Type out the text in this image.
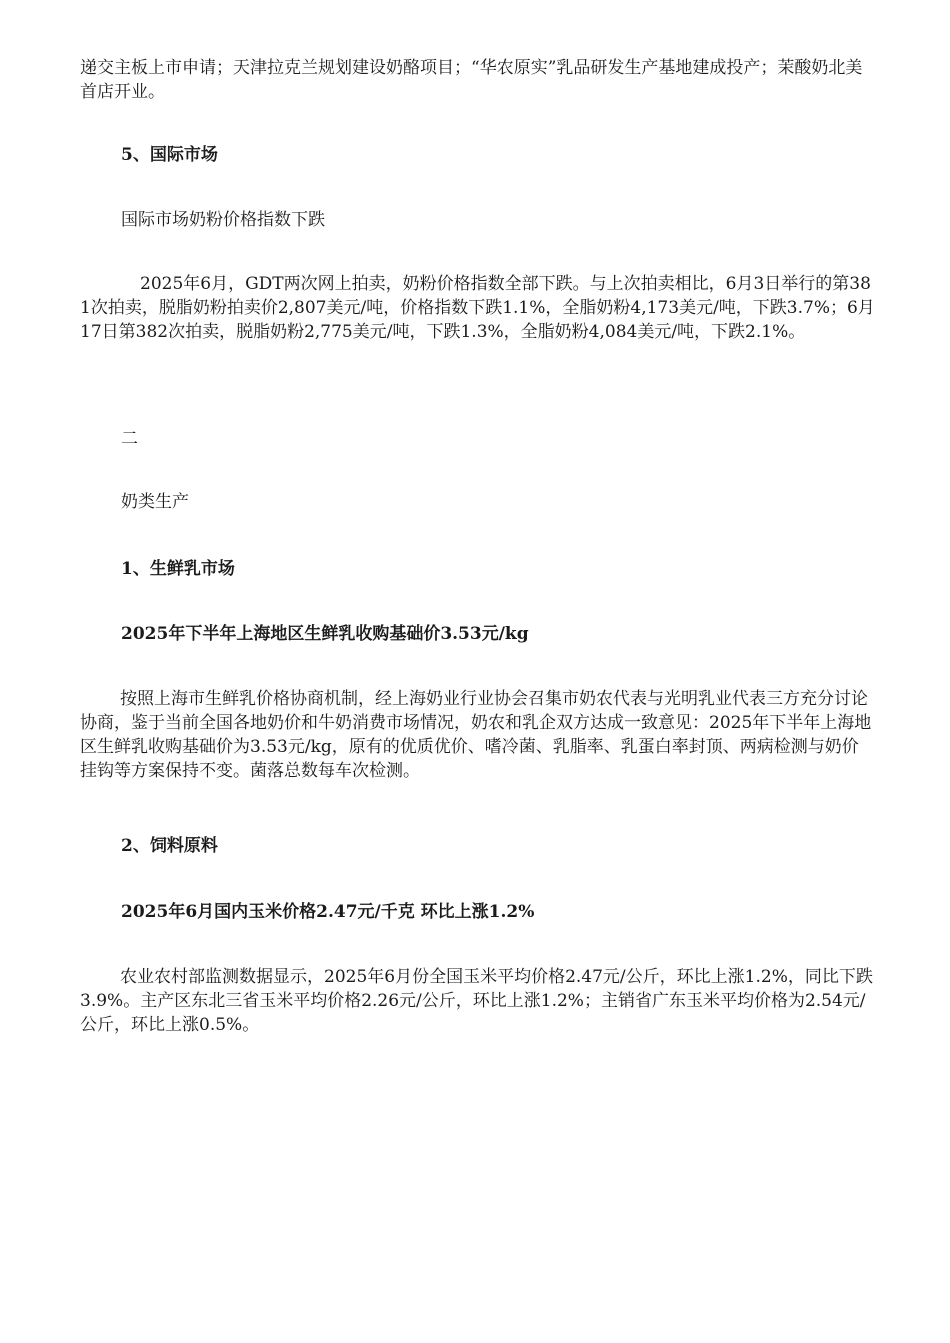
递交主板上市申请；天津拉克兰规划建设奶酪项目；“华农原实”乳品研发生产基地建成投产；茉酸奶北美首店开业。

5、国际市场

国际市场奶粉价格指数下跌

2025年6月，GDT两次网上拍卖，奶粉价格指数全部下跌。与上次拍卖相比，6月3日举行的第381次拍卖，脱脂奶粉拍卖价2,807美元/吨，价格指数下跌1.1%，全脂奶粉4,173美元/吨，下跌3.7%；6月17日第382次拍卖，脱脂奶粉2,775美元/吨，下跌1.3%，全脂奶粉4,084美元/吨，下跌2.1%。

二

奶类生产

1、生鲜乳市场

2025年下半年上海地区生鲜乳收购基础价3.53元/kg

按照上海市生鲜乳价格协商机制，经上海奶业行业协会召集市奶农代表与光明乳业代表三方充分讨论协商，鉴于当前全国各地奶价和牛奶消费市场情况，奶农和乳企双方达成一致意见：2025年下半年上海地区生鲜乳收购基础价为3.53元/kg，原有的优质优价、嗜冷菌、乳脂率、乳蛋白率封顶、两病检测与奶价挂钩等方案保持不变。菌落总数每车次检测。

2、饲料原料

2025年6月国内玉米价格2.47元/千克 环比上涨1.2%

农业农村部监测数据显示，2025年6月份全国玉米平均价格2.47元/公斤，环比上涨1.2%，同比下跌3.9%。主产区东北三省玉米平均价格2.26元/公斤，环比上涨1.2%；主销省广东玉米平均价格为2.54元/公斤，环比上涨0.5%。
